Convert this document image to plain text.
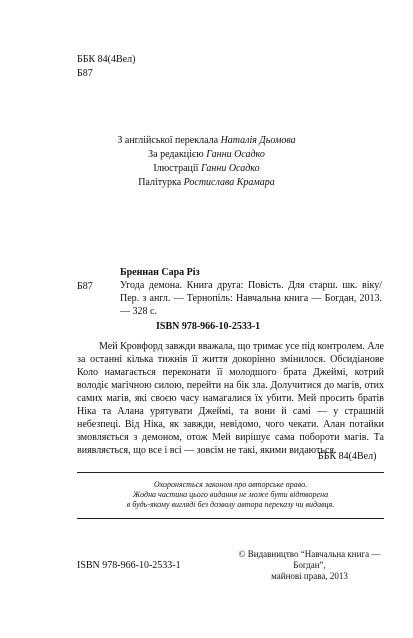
ББК 84(4Вел)
Б87
З англійської переклала Наталія Дьомова
За редакцією Ганни Осадко
Ілюстрації Ганни Осадко
Палітурка Ростислава Крамара
Бреннан Сара Різ
Б87	Угода демона. Книга друга: Повість. Для старш. шк. віку/Пер. з англ. — Тернопіль: Навчальна книга — Богдан, 2013. — 328 с.

ISBN 978-966-10-2533-1

Мей Кровфорд завжди вважала, що тримає усе під контролем. Але за останні кілька тижнів її життя докорінно змінилося. Обсидіанове Коло намагається переконати її молодшого брата Джеймі, котрий володіє магічною силою, перейти на бік зла. Долучитися до магів, отих самих магів, які своєю часу намагалися їх убити. Мей просить братів Ніка та Алана урятувати Джеймі, та вони й самі — у страшній небезпеці. Від Ніка, як завжди, невідомо, чого чекати. Алан потайки змовляється з демоном, отож Мей вирішує сама побороти магів. Та виявляється, що все і всі — зовсім не такі, якими видаються.

ББК 84(4Вел)
Охороняється законом про авторське право.
Жодна частина цього видання не може бути відтворена
в будь-якому вигляді без дозволу автора переказу чи видавця.
ISBN 978-966-10-2533-1
© Видавництво “Навчальна книга — Богдан”,
майнові права, 2013
